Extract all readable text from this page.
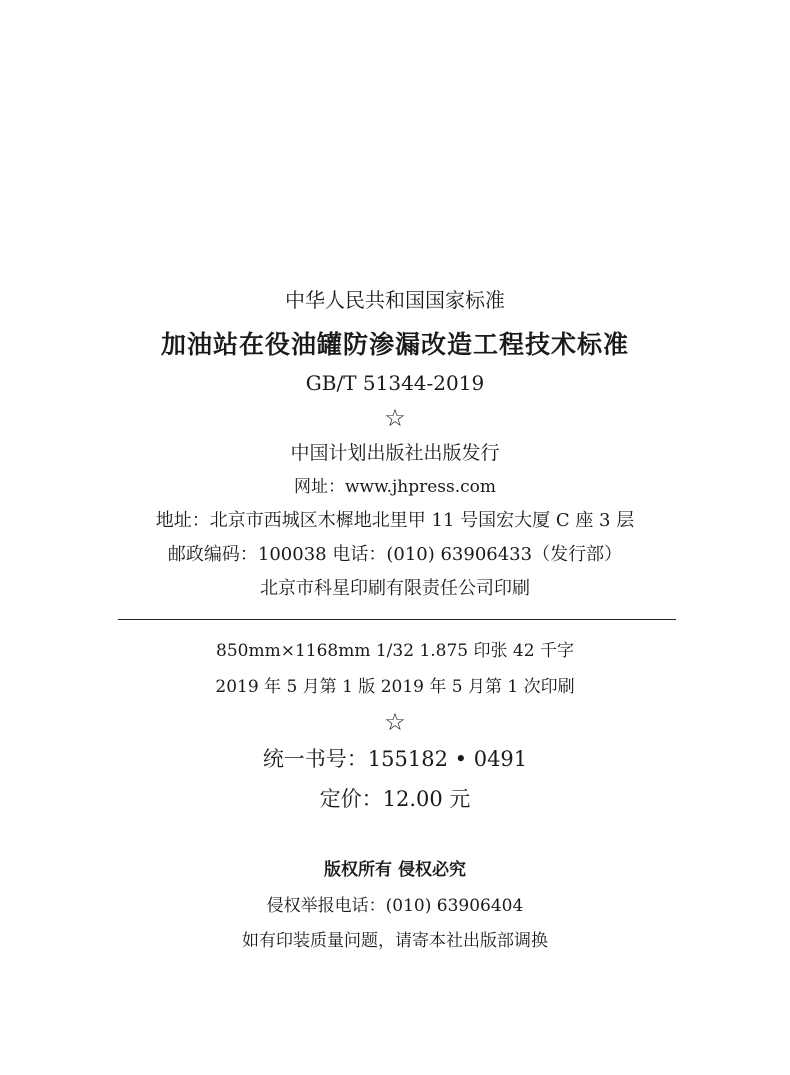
中华人民共和国国家标准
加油站在役油罐防渗漏改造工程技术标准
GB/T 51344-2019
☆
中国计划出版社出版发行
网址：www.jhpress.com
地址：北京市西城区木樨地北里甲 11 号国宏大厦 C 座 3 层
邮政编码：100038 电话：(010) 63906433（发行部）
北京市科星印刷有限责任公司印刷
850mm×1168mm 1/32 1.875 印张 42 千字
2019 年 5 月第 1 版 2019 年 5 月第 1 次印刷
☆
统一书号：155182 • 0491
定价：12.00 元
版权所有 侵权必究
侵权举报电话：(010) 63906404
如有印装质量问题，请寄本社出版部调换
